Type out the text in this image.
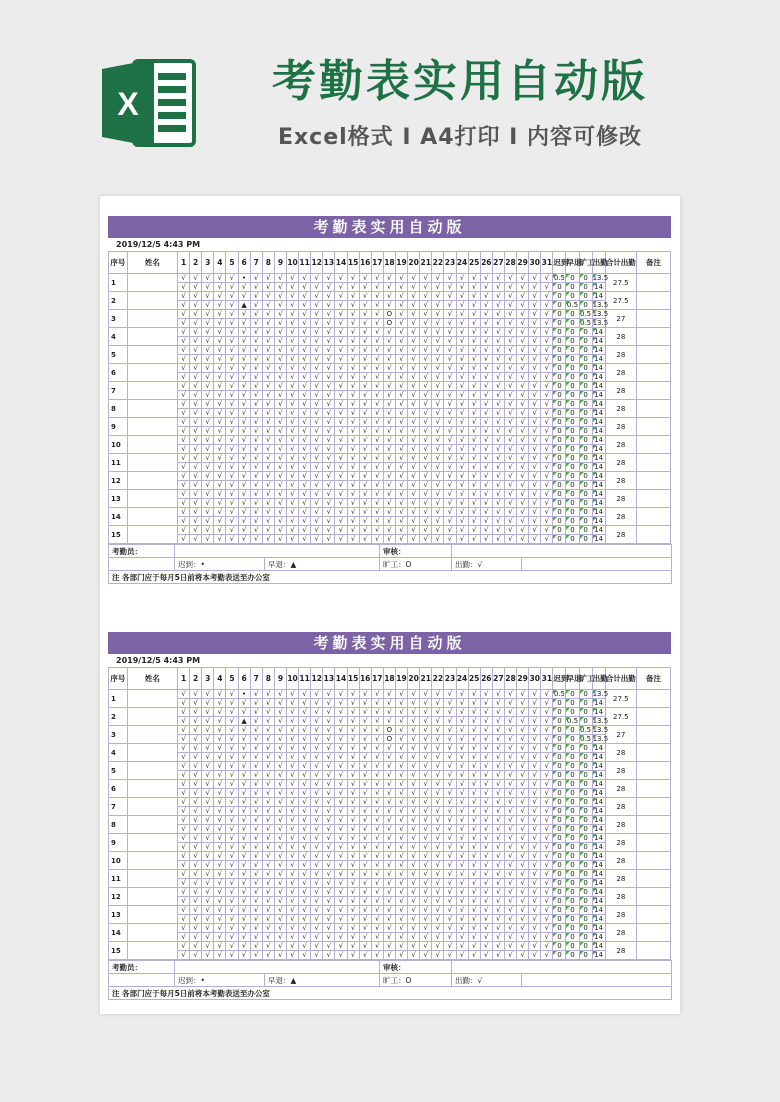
X	考勤表实用自动版
Excel格式 I A4打印 I 内容可修改
考勤表实用自动版
2019/12/5 4:43 PM
序号	姓名	1	2	3	4	5	6	7	8	9	10	11	12	13	14	15	16	17	18	19	20	21	22	23	24	25	26	27	28	29	30	31	迟到	早退	旷工	出勤	合计出勤	备注
1		√	√	√	√	√	•	√	√	√	√	√	√	√	√	√	√	√	√	√	√	√	√	√	√	√	√	√	√	√	√	√	0.5	0	0	13.5	27.5	
		√	√	√	√	√	√	√	√	√	√	√	√	√	√	√	√	√	√	√	√	√	√	√	√	√	√	√	√	√	√	√	0	0	0	14		
2		√	√	√	√	√	√	√	√	√	√	√	√	√	√	√	√	√	√	√	√	√	√	√	√	√	√	√	√	√	√	√	0	0	0	14	27.5	
		√	√	√	√	√	▲	√	√	√	√	√	√	√	√	√	√	√	√	√	√	√	√	√	√	√	√	√	√	√	√	√	0	0.5	0	13.5		
3		√	√	√	√	√	√	√	√	√	√	√	√	√	√	√	√	√	O	√	√	√	√	√	√	√	√	√	√	√	√	√	0	0	0.5	13.5	27	
		√	√	√	√	√	√	√	√	√	√	√	√	√	√	√	√	√	O	√	√	√	√	√	√	√	√	√	√	√	√	√	0	0	0.5	13.5		
4		√	√	√	√	√	√	√	√	√	√	√	√	√	√	√	√	√	√	√	√	√	√	√	√	√	√	√	√	√	√	√	0	0	0	14	28	
		√	√	√	√	√	√	√	√	√	√	√	√	√	√	√	√	√	√	√	√	√	√	√	√	√	√	√	√	√	√	√	0	0	0	14		
5		√	√	√	√	√	√	√	√	√	√	√	√	√	√	√	√	√	√	√	√	√	√	√	√	√	√	√	√	√	√	√	0	0	0	14	28	
		√	√	√	√	√	√	√	√	√	√	√	√	√	√	√	√	√	√	√	√	√	√	√	√	√	√	√	√	√	√	√	0	0	0	14		
6		√	√	√	√	√	√	√	√	√	√	√	√	√	√	√	√	√	√	√	√	√	√	√	√	√	√	√	√	√	√	√	0	0	0	14	28	
		√	√	√	√	√	√	√	√	√	√	√	√	√	√	√	√	√	√	√	√	√	√	√	√	√	√	√	√	√	√	√	0	0	0	14		
7		√	√	√	√	√	√	√	√	√	√	√	√	√	√	√	√	√	√	√	√	√	√	√	√	√	√	√	√	√	√	√	0	0	0	14	28	
		√	√	√	√	√	√	√	√	√	√	√	√	√	√	√	√	√	√	√	√	√	√	√	√	√	√	√	√	√	√	√	0	0	0	14		
8		√	√	√	√	√	√	√	√	√	√	√	√	√	√	√	√	√	√	√	√	√	√	√	√	√	√	√	√	√	√	√	0	0	0	14	28	
		√	√	√	√	√	√	√	√	√	√	√	√	√	√	√	√	√	√	√	√	√	√	√	√	√	√	√	√	√	√	√	0	0	0	14		
9		√	√	√	√	√	√	√	√	√	√	√	√	√	√	√	√	√	√	√	√	√	√	√	√	√	√	√	√	√	√	√	0	0	0	14	28	
		√	√	√	√	√	√	√	√	√	√	√	√	√	√	√	√	√	√	√	√	√	√	√	√	√	√	√	√	√	√	√	0	0	0	14		
10		√	√	√	√	√	√	√	√	√	√	√	√	√	√	√	√	√	√	√	√	√	√	√	√	√	√	√	√	√	√	√	0	0	0	14	28	
		√	√	√	√	√	√	√	√	√	√	√	√	√	√	√	√	√	√	√	√	√	√	√	√	√	√	√	√	√	√	√	0	0	0	14		
11		√	√	√	√	√	√	√	√	√	√	√	√	√	√	√	√	√	√	√	√	√	√	√	√	√	√	√	√	√	√	√	0	0	0	14	28	
		√	√	√	√	√	√	√	√	√	√	√	√	√	√	√	√	√	√	√	√	√	√	√	√	√	√	√	√	√	√	√	0	0	0	14		
12		√	√	√	√	√	√	√	√	√	√	√	√	√	√	√	√	√	√	√	√	√	√	√	√	√	√	√	√	√	√	√	0	0	0	14	28	
		√	√	√	√	√	√	√	√	√	√	√	√	√	√	√	√	√	√	√	√	√	√	√	√	√	√	√	√	√	√	√	0	0	0	14		
13		√	√	√	√	√	√	√	√	√	√	√	√	√	√	√	√	√	√	√	√	√	√	√	√	√	√	√	√	√	√	√	0	0	0	14	28	
		√	√	√	√	√	√	√	√	√	√	√	√	√	√	√	√	√	√	√	√	√	√	√	√	√	√	√	√	√	√	√	0	0	0	14		
14		√	√	√	√	√	√	√	√	√	√	√	√	√	√	√	√	√	√	√	√	√	√	√	√	√	√	√	√	√	√	√	0	0	0	14	28	
		√	√	√	√	√	√	√	√	√	√	√	√	√	√	√	√	√	√	√	√	√	√	√	√	√	√	√	√	√	√	√	0	0	0	14		
15		√	√	√	√	√	√	√	√	√	√	√	√	√	√	√	√	√	√	√	√	√	√	√	√	√	√	√	√	√	√	√	0	0	0	14	28	
		√	√	√	√	√	√	√	√	√	√	√	√	√	√	√	√	√	√	√	√	√	√	√	√	√	√	√	√	√	√	√	0	0	0	14		
考勤员：			审核：		
	迟到：•	早退：▲	旷工：O	出勤：√	
注 各部门应于每月5日前将本考勤表送至办公室					
考勤表实用自动版
2019/12/5 4:43 PM
序号	姓名	1	2	3	4	5	6	7	8	9	10	11	12	13	14	15	16	17	18	19	20	21	22	23	24	25	26	27	28	29	30	31	迟到	早退	旷工	出勤	合计出勤	备注
1		√	√	√	√	√	•	√	√	√	√	√	√	√	√	√	√	√	√	√	√	√	√	√	√	√	√	√	√	√	√	√	0.5	0	0	13.5	27.5	
		√	√	√	√	√	√	√	√	√	√	√	√	√	√	√	√	√	√	√	√	√	√	√	√	√	√	√	√	√	√	√	0	0	0	14		
2		√	√	√	√	√	√	√	√	√	√	√	√	√	√	√	√	√	√	√	√	√	√	√	√	√	√	√	√	√	√	√	0	0	0	14	27.5	
		√	√	√	√	√	▲	√	√	√	√	√	√	√	√	√	√	√	√	√	√	√	√	√	√	√	√	√	√	√	√	√	0	0.5	0	13.5		
3		√	√	√	√	√	√	√	√	√	√	√	√	√	√	√	√	√	O	√	√	√	√	√	√	√	√	√	√	√	√	√	0	0	0.5	13.5	27	
		√	√	√	√	√	√	√	√	√	√	√	√	√	√	√	√	√	O	√	√	√	√	√	√	√	√	√	√	√	√	√	0	0	0.5	13.5		
4		√	√	√	√	√	√	√	√	√	√	√	√	√	√	√	√	√	√	√	√	√	√	√	√	√	√	√	√	√	√	√	0	0	0	14	28	
		√	√	√	√	√	√	√	√	√	√	√	√	√	√	√	√	√	√	√	√	√	√	√	√	√	√	√	√	√	√	√	0	0	0	14		
5		√	√	√	√	√	√	√	√	√	√	√	√	√	√	√	√	√	√	√	√	√	√	√	√	√	√	√	√	√	√	√	0	0	0	14	28	
		√	√	√	√	√	√	√	√	√	√	√	√	√	√	√	√	√	√	√	√	√	√	√	√	√	√	√	√	√	√	√	0	0	0	14		
6		√	√	√	√	√	√	√	√	√	√	√	√	√	√	√	√	√	√	√	√	√	√	√	√	√	√	√	√	√	√	√	0	0	0	14	28	
		√	√	√	√	√	√	√	√	√	√	√	√	√	√	√	√	√	√	√	√	√	√	√	√	√	√	√	√	√	√	√	0	0	0	14		
7		√	√	√	√	√	√	√	√	√	√	√	√	√	√	√	√	√	√	√	√	√	√	√	√	√	√	√	√	√	√	√	0	0	0	14	28	
		√	√	√	√	√	√	√	√	√	√	√	√	√	√	√	√	√	√	√	√	√	√	√	√	√	√	√	√	√	√	√	0	0	0	14		
8		√	√	√	√	√	√	√	√	√	√	√	√	√	√	√	√	√	√	√	√	√	√	√	√	√	√	√	√	√	√	√	0	0	0	14	28	
		√	√	√	√	√	√	√	√	√	√	√	√	√	√	√	√	√	√	√	√	√	√	√	√	√	√	√	√	√	√	√	0	0	0	14		
9		√	√	√	√	√	√	√	√	√	√	√	√	√	√	√	√	√	√	√	√	√	√	√	√	√	√	√	√	√	√	√	0	0	0	14	28	
		√	√	√	√	√	√	√	√	√	√	√	√	√	√	√	√	√	√	√	√	√	√	√	√	√	√	√	√	√	√	√	0	0	0	14		
10		√	√	√	√	√	√	√	√	√	√	√	√	√	√	√	√	√	√	√	√	√	√	√	√	√	√	√	√	√	√	√	0	0	0	14	28	
		√	√	√	√	√	√	√	√	√	√	√	√	√	√	√	√	√	√	√	√	√	√	√	√	√	√	√	√	√	√	√	0	0	0	14		
11		√	√	√	√	√	√	√	√	√	√	√	√	√	√	√	√	√	√	√	√	√	√	√	√	√	√	√	√	√	√	√	0	0	0	14	28	
		√	√	√	√	√	√	√	√	√	√	√	√	√	√	√	√	√	√	√	√	√	√	√	√	√	√	√	√	√	√	√	0	0	0	14		
12		√	√	√	√	√	√	√	√	√	√	√	√	√	√	√	√	√	√	√	√	√	√	√	√	√	√	√	√	√	√	√	0	0	0	14	28	
		√	√	√	√	√	√	√	√	√	√	√	√	√	√	√	√	√	√	√	√	√	√	√	√	√	√	√	√	√	√	√	0	0	0	14		
13		√	√	√	√	√	√	√	√	√	√	√	√	√	√	√	√	√	√	√	√	√	√	√	√	√	√	√	√	√	√	√	0	0	0	14	28	
		√	√	√	√	√	√	√	√	√	√	√	√	√	√	√	√	√	√	√	√	√	√	√	√	√	√	√	√	√	√	√	0	0	0	14		
14		√	√	√	√	√	√	√	√	√	√	√	√	√	√	√	√	√	√	√	√	√	√	√	√	√	√	√	√	√	√	√	0	0	0	14	28	
		√	√	√	√	√	√	√	√	√	√	√	√	√	√	√	√	√	√	√	√	√	√	√	√	√	√	√	√	√	√	√	0	0	0	14		
15		√	√	√	√	√	√	√	√	√	√	√	√	√	√	√	√	√	√	√	√	√	√	√	√	√	√	√	√	√	√	√	0	0	0	14	28	
		√	√	√	√	√	√	√	√	√	√	√	√	√	√	√	√	√	√	√	√	√	√	√	√	√	√	√	√	√	√	√	0	0	0	14		
考勤员：			审核：		
	迟到：•	早退：▲	旷工：O	出勤：√	
注 各部门应于每月5日前将本考勤表送至办公室					
